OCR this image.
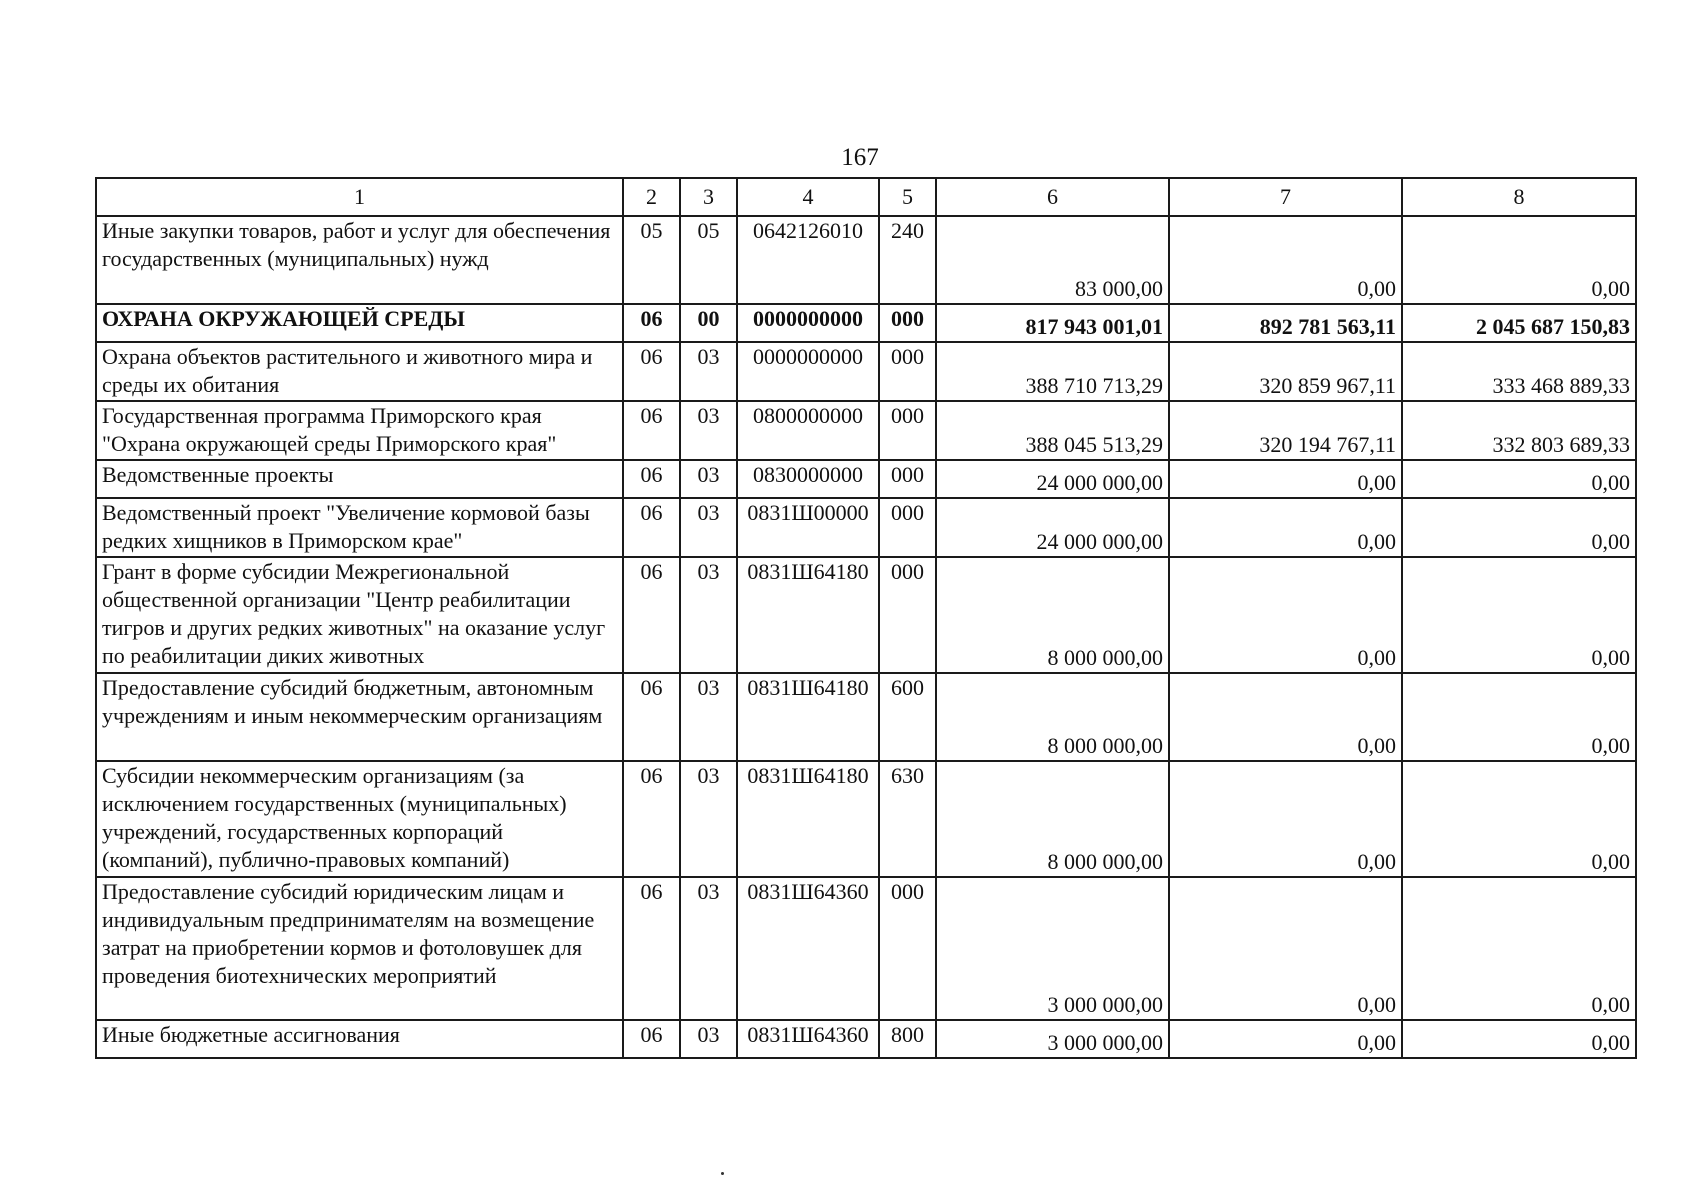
167
1	2	3	4	5	6	7	8
Иные закупки товаров, работ и услуг для обеспечения государственных (муниципальных) нужд	05	05	0642126010	240	83 000,00	0,00	0,00
ОХРАНА ОКРУЖАЮЩЕЙ СРЕДЫ	06	00	0000000000	000	817 943 001,01	892 781 563,11	2 045 687 150,83
Охрана объектов растительного и животного мира и среды их обитания	06	03	0000000000	000	388 710 713,29	320 859 967,11	333 468 889,33
Государственная программа Приморского края "Охрана окружающей среды Приморского края"	06	03	0800000000	000	388 045 513,29	320 194 767,11	332 803 689,33
Ведомственные проекты	06	03	0830000000	000	24 000 000,00	0,00	0,00
Ведомственный проект "Увеличение кормовой базы редких хищников в Приморском крае"	06	03	0831Ш00000	000	24 000 000,00	0,00	0,00
Грант в форме субсидии Межрегиональной общественной организации "Центр реабилитации тигров и других редких животных" на оказание услуг по реабилитации диких животных	06	03	0831Ш64180	000	8 000 000,00	0,00	0,00
Предоставление субсидий бюджетным, автономным учреждениям и иным некоммерческим организациям	06	03	0831Ш64180	600	8 000 000,00	0,00	0,00
Субсидии некоммерческим организациям (за исключением государственных (муниципальных) учреждений, государственных корпораций (компаний), публично-правовых компаний)	06	03	0831Ш64180	630	8 000 000,00	0,00	0,00
Предоставление субсидий юридическим лицам и индивидуальным предпринимателям на возмещение затрат на приобретении кормов и фотоловушек для проведения биотехнических мероприятий	06	03	0831Ш64360	000	3 000 000,00	0,00	0,00
Иные бюджетные ассигнования	06	03	0831Ш64360	800	3 000 000,00	0,00	0,00
